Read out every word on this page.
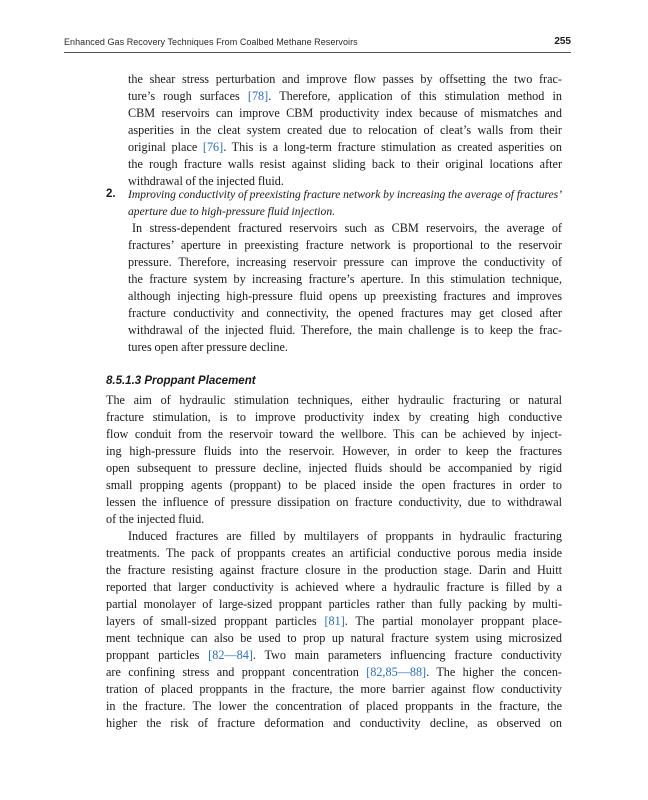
Enhanced Gas Recovery Techniques From Coalbed Methane Reservoirs	255
the shear stress perturbation and improve flow passes by offsetting the two frac-
ture’s rough surfaces [78]. Therefore, application of this stimulation method in
CBM reservoirs can improve CBM productivity index because of mismatches and
asperities in the cleat system created due to relocation of cleat’s walls from their
original place [76]. This is a long-term fracture stimulation as created asperities on
the rough fracture walls resist against sliding back to their original locations after
withdrawal of the injected fluid.
2. Improving conductivity of preexisting fracture network by increasing the average of fractures’
aperture due to high-pressure fluid injection.
In stress-dependent fractured reservoirs such as CBM reservoirs, the average of
fractures’ aperture in preexisting fracture network is proportional to the reservoir
pressure. Therefore, increasing reservoir pressure can improve the conductivity of
the fracture system by increasing fracture’s aperture. In this stimulation technique,
although injecting high-pressure fluid opens up preexisting fractures and improves
fracture conductivity and connectivity, the opened fractures may get closed after
withdrawal of the injected fluid. Therefore, the main challenge is to keep the frac-
tures open after pressure decline.
8.5.1.3 Proppant Placement
The aim of hydraulic stimulation techniques, either hydraulic fracturing or natural
fracture stimulation, is to improve productivity index by creating high conductive
flow conduit from the reservoir toward the wellbore. This can be achieved by inject-
ing high-pressure fluids into the reservoir. However, in order to keep the fractures
open subsequent to pressure decline, injected fluids should be accompanied by rigid
small propping agents (proppant) to be placed inside the open fractures in order to
lessen the influence of pressure dissipation on fracture conductivity, due to withdrawal
of the injected fluid.
Induced fractures are filled by multilayers of proppants in hydraulic fracturing
treatments. The pack of proppants creates an artificial conductive porous media inside
the fracture resisting against fracture closure in the production stage. Darin and Huitt
reported that larger conductivity is achieved where a hydraulic fracture is filled by a
partial monolayer of large-sized proppant particles rather than fully packing by multi-
layers of small-sized proppant particles [81]. The partial monolayer proppant place-
ment technique can also be used to prop up natural fracture system using microsized
proppant particles [82—84]. Two main parameters influencing fracture conductivity
are confining stress and proppant concentration [82,85—88]. The higher the concen-
tration of placed proppants in the fracture, the more barrier against flow conductivity
in the fracture. The lower the concentration of placed proppants in the fracture, the
higher the risk of fracture deformation and conductivity decline, as observed on
